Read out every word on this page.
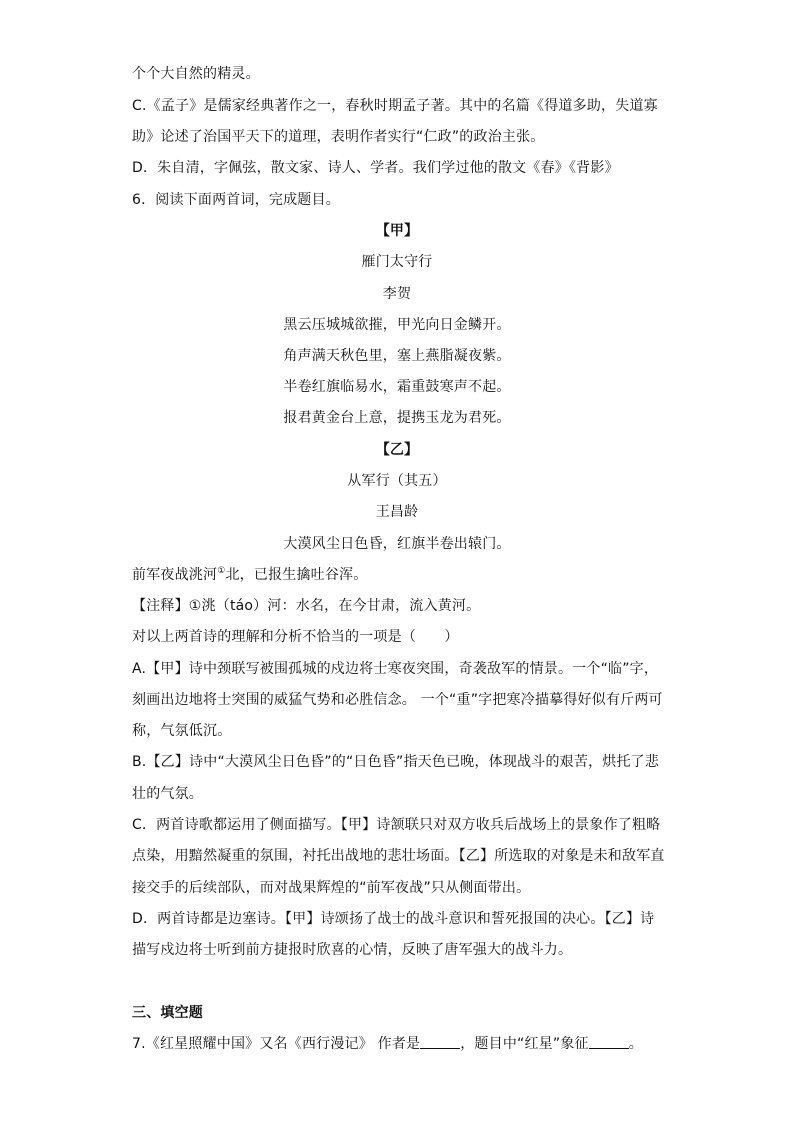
个个大自然的精灵。
C.《孟子》是儒家经典著作之一，春秋时期孟子著。其中的名篇《得道多助，失道寡
助》论述了治国平天下的道理，表明作者实行“仁政”的政治主张。
D．朱自清，字佩弦，散文家、诗人、学者。我们学过他的散文《春》《背影》
6．阅读下面两首词，完成题目。
【甲】
雁门太守行
李贺
黑云压城城欲摧，甲光向日金鳞开。
角声满天秋色里，塞上燕脂凝夜紫。
半卷红旗临易水，霜重鼓寒声不起。
报君黄金台上意，提携玉龙为君死。
【乙】
从军行（其五）
王昌龄
大漠风尘日色昏，红旗半卷出辕门。
前军夜战洮河①北，已报生擒吐谷浑。
【注释】①洮（táo）河：水名，在今甘肃，流入黄河。
对以上两首诗的理解和分析不恰当的一项是（　　）
A.【甲】诗中颈联写被围孤城的戍边将士寒夜突围，奇袭敌军的情景。一个“临”字，
刻画出边地将士突围的威猛气势和必胜信念。 一个“重”字把寒冷描摹得好似有斤两可
称，气氛低沉。
B.【乙】诗中“大漠风尘日色昏”的“日色昏”指天色已晚，体现战斗的艰苦，烘托了悲
壮的气氛。
C．两首诗歌都运用了侧面描写。【甲】诗颔联只对双方收兵后战场上的景象作了粗略
点染，用黯然凝重的氛围，衬托出战地的悲壮场面。【乙】所选取的对象是未和敌军直
接交手的后续部队，而对战果辉煌的“前军夜战”只从侧面带出。
D．两首诗都是边塞诗。【甲】诗颂扬了战士的战斗意识和誓死报国的决心。【乙】诗
描写戍边将士听到前方捷报时欣喜的心情，反映了唐军强大的战斗力。
三、填空题
7.《红星照耀中国》又名《西行漫记》 作者是	，题目中“红星”象征	。
